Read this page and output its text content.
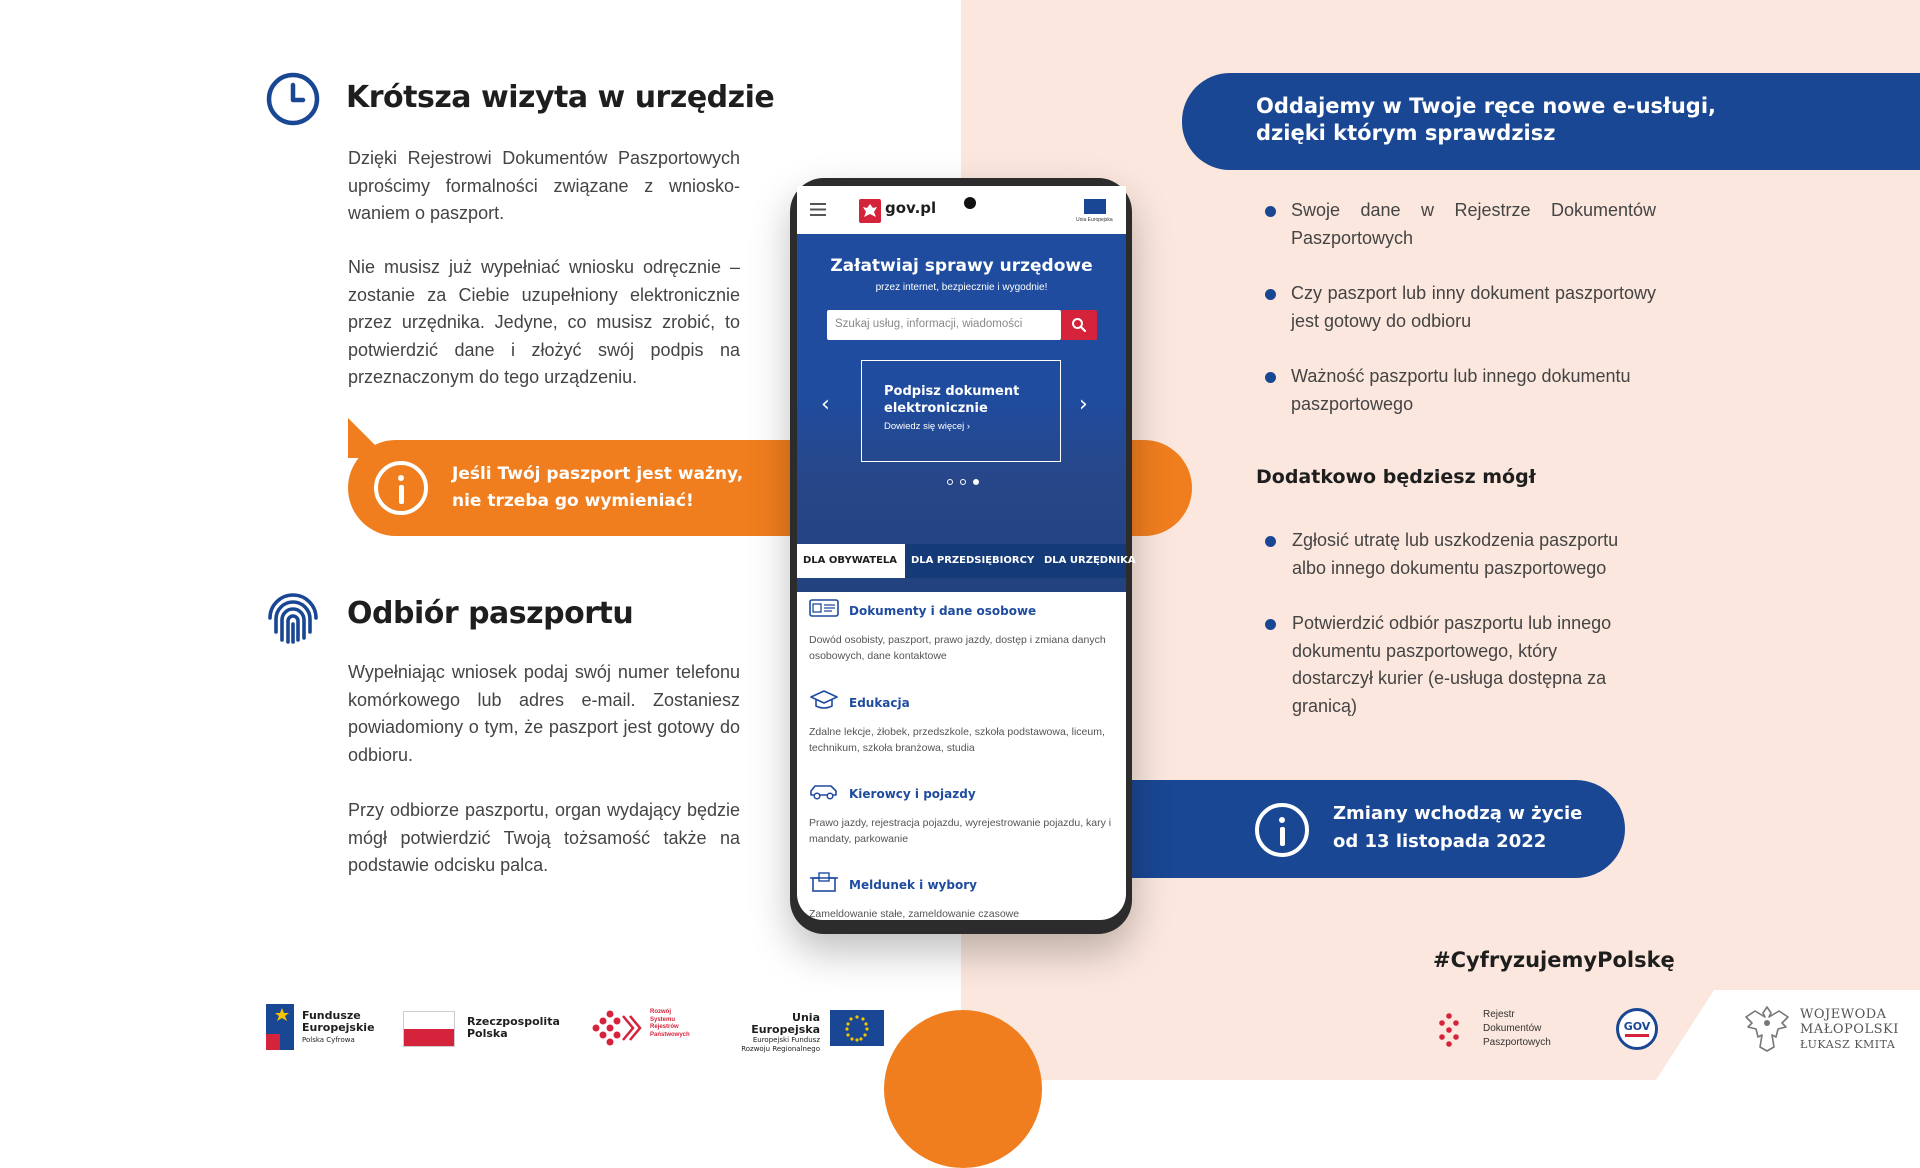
Krótsza wizyta w urzędzie
Dzięki Rejestrowi Dokumentów Paszportowych uprościmy formalności związane z wnioskowaniem o paszport.
Nie musisz już wypełniać wniosku odręcznie – zostanie za Ciebie uzupełniony elektronicznie przez urzędnika. Jedyne, co musisz zrobić, to potwierdzić dane i złożyć swój podpis na przeznaczonym do tego urządzeniu.
Jeśli Twój paszport jest ważny,
nie trzeba go wymieniać!
Odbiór paszportu
Wypełniając wniosek podaj swój numer telefonu komórkowego lub adres e-mail. Zostaniesz powiadomiony o tym, że paszport jest gotowy do odbioru.
Przy odbiorze paszportu, organ wydający będzie mógł potwierdzić Twoją tożsamość także na podstawie odcisku palca.
Oddajemy w Twoje ręce nowe e-usługi,
dzięki którym sprawdzisz
Swoje dane w Rejestrze Dokumentów Paszportowych
Czy paszport lub inny dokument paszportowy jest gotowy do odbioru
Ważność paszportu lub innego dokumentu paszportowego
Dodatkowo będziesz mógł
Zgłosić utratę lub uszkodzenia paszportu albo innego dokumentu paszportowego
Potwierdzić odbiór paszportu lub innego dokumentu paszportowego, który dostarczył kurier (e-usługa dostępna za granicą)
Zmiany wchodzą w życie
od 13 listopada 2022
#CyfryzujemyPolskę
gov.pl
Unia Europejska
Załatwiaj sprawy urzędowe
przez internet, bezpiecznie i wygodnie!
Szukaj usług, informacji, wiadomości
‹
Podpisz dokument
elektronicznie
Dowiedz się więcej ›
›
DLA OBYWATELA	DLA PRZEDSIĘBIORCY DLA URZĘDNIKA
Dokumenty i dane osobowe
Dowód osobisty, paszport, prawo jazdy, dostęp i zmiana danych osobowych, dane kontaktowe
Edukacja
Zdalne lekcje, żłobek, przedszkole, szkoła podstawowa, liceum, technikum, szkoła branżowa, studia
Kierowcy i pojazdy
Prawo jazdy, rejestracja pojazdu, wyrejestrowanie pojazdu, kary i mandaty, parkowanie
Meldunek i wybory
Zameldowanie stałe, zameldowanie czasowe
Fundusze
Europejskie
Polska Cyfrowa
Rzeczpospolita
Polska
Rozwój
Systemu
Rejestrów
Państwowych
Unia Europejska
Europejski Fundusz
Rozwoju Regionalnego
Rejestr
Dokumentów
Paszportowych
GOV
WOJEWODA
MAŁOPOLSKI
ŁUKASZ KMITA
